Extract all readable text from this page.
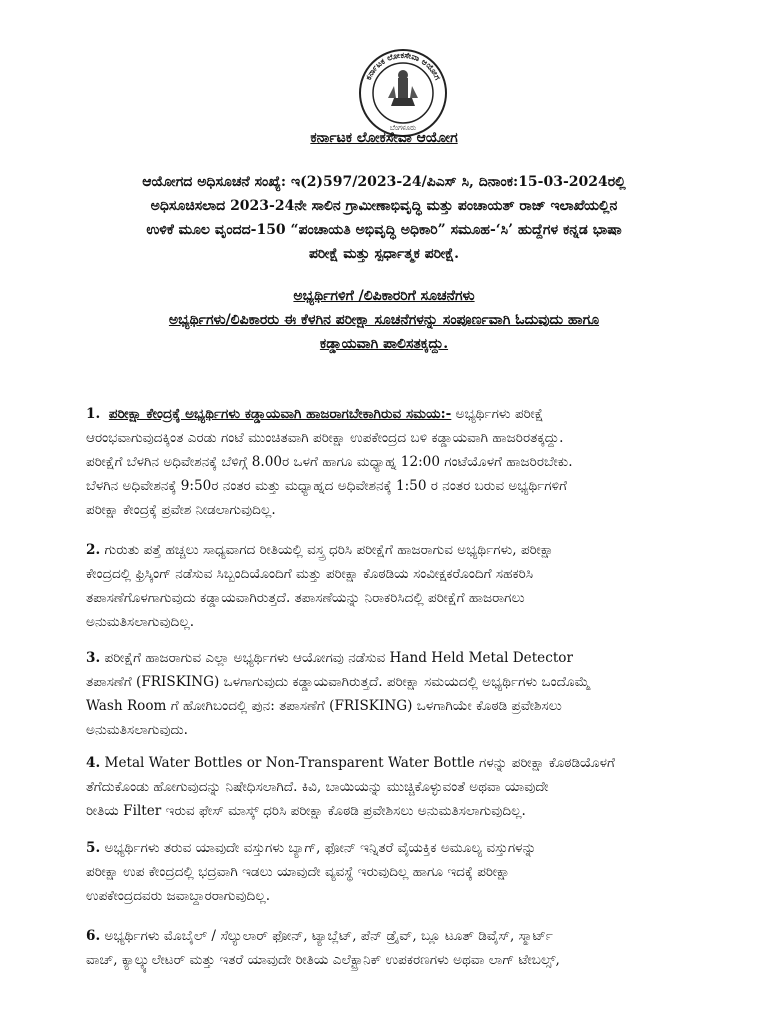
ಕರ್ನಾಟಕ ಲೋಕಸೇವಾ ಆಯೋಗ
ಬೆಂಗಳೂರು
ಕರ್ನಾಟಕ ಲೋಕಸೇವಾ ಆಯೋಗ
ಆಯೋಗದ ಅಧಿಸೂಚನೆ ಸಂಖ್ಯೆ: ಇ(2)597/2023-24/ಪಿಎಸ್ ಸಿ, ದಿನಾಂಕ:15-03-2024ರಲ್ಲಿ
ಅಧಿಸೂಚಿಸಲಾದ 2023-24ನೇ ಸಾಲಿನ ಗ್ರಾಮೀಣಾಭಿವೃದ್ಧಿ ಮತ್ತು ಪಂಚಾಯತ್ ರಾಜ್ ಇಲಾಖೆಯಲ್ಲಿನ
ಉಳಿಕೆ ಮೂಲ ವೃಂದದ-150 “ಪಂಚಾಯತಿ ಅಭಿವೃದ್ಧಿ ಅಧಿಕಾರಿ” ಸಮೂಹ-‘ಸಿ’ ಹುದ್ದೆಗಳ ಕನ್ನಡ ಭಾಷಾ
ಪರೀಕ್ಷೆ ಮತ್ತು ಸ್ಪರ್ಧಾತ್ಮಕ ಪರೀಕ್ಷೆ.
ಅಭ್ಯರ್ಥಿಗಳಿಗೆ /ಲಿಪಿಕಾರರಿಗೆ ಸೂಚನೆಗಳು
ಅಭ್ಯರ್ಥಿಗಳು/ಲಿಪಿಕಾರರು ಈ ಕೆಳಗಿನ ಪರೀಕ್ಷಾ ಸೂಚನೆಗಳನ್ನು ಸಂಪೂರ್ಣವಾಗಿ ಓದುವುದು ಹಾಗೂ
ಕಡ್ಡಾಯವಾಗಿ ಪಾಲಿಸತಕ್ಕದ್ದು.
1. ಪರೀಕ್ಷಾ ಕೇಂದ್ರಕ್ಕೆ ಅಭ್ಯರ್ಥಿಗಳು ಕಡ್ಡಾಯವಾಗಿ ಹಾಜರಾಗಬೇಕಾಗಿರುವ ಸಮಯ:- ಅಭ್ಯರ್ಥಿಗಳು ಪರೀಕ್ಷೆ
ಆರಂಭವಾಗುವುದಕ್ಕಿಂತ ಎರಡು ಗಂಟೆ ಮುಂಚಿತವಾಗಿ ಪರೀಕ್ಷಾ ಉಪಕೇಂದ್ರದ ಬಳಿ ಕಡ್ಡಾಯವಾಗಿ ಹಾಜರಿರತಕ್ಕದ್ದು.
ಪರೀಕ್ಷೆಗೆ ಬೆಳಗಿನ ಅಧಿವೇಶನಕ್ಕೆ ಬೆಳಿಗ್ಗೆ 8.00ರ ಒಳಗೆ ಹಾಗೂ ಮಧ್ಯಾಹ್ನ 12:00 ಗಂಟೆಯೊಳಗೆ ಹಾಜರಿರಬೇಕು.
ಬೆಳಗಿನ ಅಧಿವೇಶನಕ್ಕೆ 9:50ರ ನಂತರ ಮತ್ತು ಮಧ್ಯಾಹ್ನದ ಅಧಿವೇಶನಕ್ಕೆ 1:50 ರ ನಂತರ ಬರುವ ಅಭ್ಯರ್ಥಿಗಳಿಗೆ
ಪರೀಕ್ಷಾ ಕೇಂದ್ರಕ್ಕೆ ಪ್ರವೇಶ ನೀಡಲಾಗುವುದಿಲ್ಲ.
2. ಗುರುತು ಪತ್ತೆ ಹಚ್ಚಲು ಸಾಧ್ಯವಾಗದ ರೀತಿಯಲ್ಲಿ ವಸ್ತ್ರ ಧರಿಸಿ ಪರೀಕ್ಷೆಗೆ ಹಾಜರಾಗುವ ಅಭ್ಯರ್ಥಿಗಳು, ಪರೀಕ್ಷಾ
ಕೇಂದ್ರದಲ್ಲಿ ಫ್ರಿಸ್ಕಿಂಗ್ ನಡೆಸುವ ಸಿಬ್ಬಂದಿಯೊಂದಿಗೆ ಮತ್ತು ಪರೀಕ್ಷಾ ಕೊಠಡಿಯ ಸಂವೀಕ್ಷಕರೊಂದಿಗೆ ಸಹಕರಿಸಿ
ತಪಾಸಣೆಗೊಳಗಾಗುವುದು ಕಡ್ಡಾಯವಾಗಿರುತ್ತದೆ. ತಪಾಸಣೆಯನ್ನು ನಿರಾಕರಿಸಿದಲ್ಲಿ ಪರೀಕ್ಷೆಗೆ ಹಾಜರಾಗಲು
ಅನುಮತಿಸಲಾಗುವುದಿಲ್ಲ.
3. ಪರೀಕ್ಷೆಗೆ ಹಾಜರಾಗುವ ಎಲ್ಲಾ ಅಭ್ಯರ್ಥಿಗಳು ಆಯೋಗವು ನಡೆಸುವ Hand Held Metal Detector
ತಪಾಸಣೆಗೆ (FRISKING) ಒಳಗಾಗುವುದು ಕಡ್ಡಾಯವಾಗಿರುತ್ತದೆ. ಪರೀಕ್ಷಾ ಸಮಯದಲ್ಲಿ ಅಭ್ಯರ್ಥಿಗಳು ಒಂದೊಮ್ಮೆ
Wash Room ಗೆ ಹೋಗಿಬಂದಲ್ಲಿ ಪುನ: ತಪಾಸಣೆಗೆ (FRISKING) ಒಳಗಾಗಿಯೇ ಕೊಠಡಿ ಪ್ರವೇಶಿಸಲು
ಅನುಮತಿಸಲಾಗುವುದು.
4. Metal Water Bottles or Non-Transparent Water Bottle ಗಳನ್ನು ಪರೀಕ್ಷಾ ಕೊಠಡಿಯೊಳಗೆ
ತೆಗೆದುಕೊಂಡು ಹೋಗುವುದನ್ನು ನಿಷೇಧಿಸಲಾಗಿದೆ. ಕಿವಿ, ಬಾಯಿಯನ್ನು ಮುಚ್ಚಿಕೊಳ್ಳುವಂತೆ ಅಥವಾ ಯಾವುದೇ
ರೀತಿಯ Filter ಇರುವ ಫೇಸ್ ಮಾಸ್ಕ್ ಧರಿಸಿ ಪರೀಕ್ಷಾ ಕೊಠಡಿ ಪ್ರವೇಶಿಸಲು ಅನುಮತಿಸಲಾಗುವುದಿಲ್ಲ.
5. ಅಭ್ಯರ್ಥಿಗಳು ತರುವ ಯಾವುದೇ ವಸ್ತುಗಳು ಬ್ಯಾಗ್, ಫೋನ್ ಇನ್ನಿತರೆ ವೈಯಕ್ತಿಕ ಅಮೂಲ್ಯ ವಸ್ತುಗಳನ್ನು
ಪರೀಕ್ಷಾ ಉಪ ಕೇಂದ್ರದಲ್ಲಿ ಭದ್ರವಾಗಿ ಇಡಲು ಯಾವುದೇ ವ್ಯವಸ್ಥೆ ಇರುವುದಿಲ್ಲ ಹಾಗೂ ಇದಕ್ಕೆ ಪರೀಕ್ಷಾ
ಉಪಕೇಂದ್ರದವರು ಜವಾಬ್ದಾರರಾಗುವುದಿಲ್ಲ.
6. ಅಭ್ಯರ್ಥಿಗಳು ಮೊಬೈಲ್ / ಸೆಲ್ಯುಲಾರ್ ಫೋನ್, ಟ್ಯಾಬ್ಲೆಟ್, ಪೆನ್ ಡ್ರೈವ್, ಬ್ಲೂ ಟೂತ್ ಡಿವೈಸ್, ಸ್ಮಾರ್ಟ್
ವಾಚ್, ಕ್ಯಾಲ್ಕ್ಯುಲೇಟರ್ ಮತ್ತು ಇತರೆ ಯಾವುದೇ ರೀತಿಯ ಎಲೆಕ್ಟ್ರಾನಿಕ್ ಉಪಕರಣಗಳು ಅಥವಾ ಲಾಗ್ ಟೇಬಲ್ಸ್,
